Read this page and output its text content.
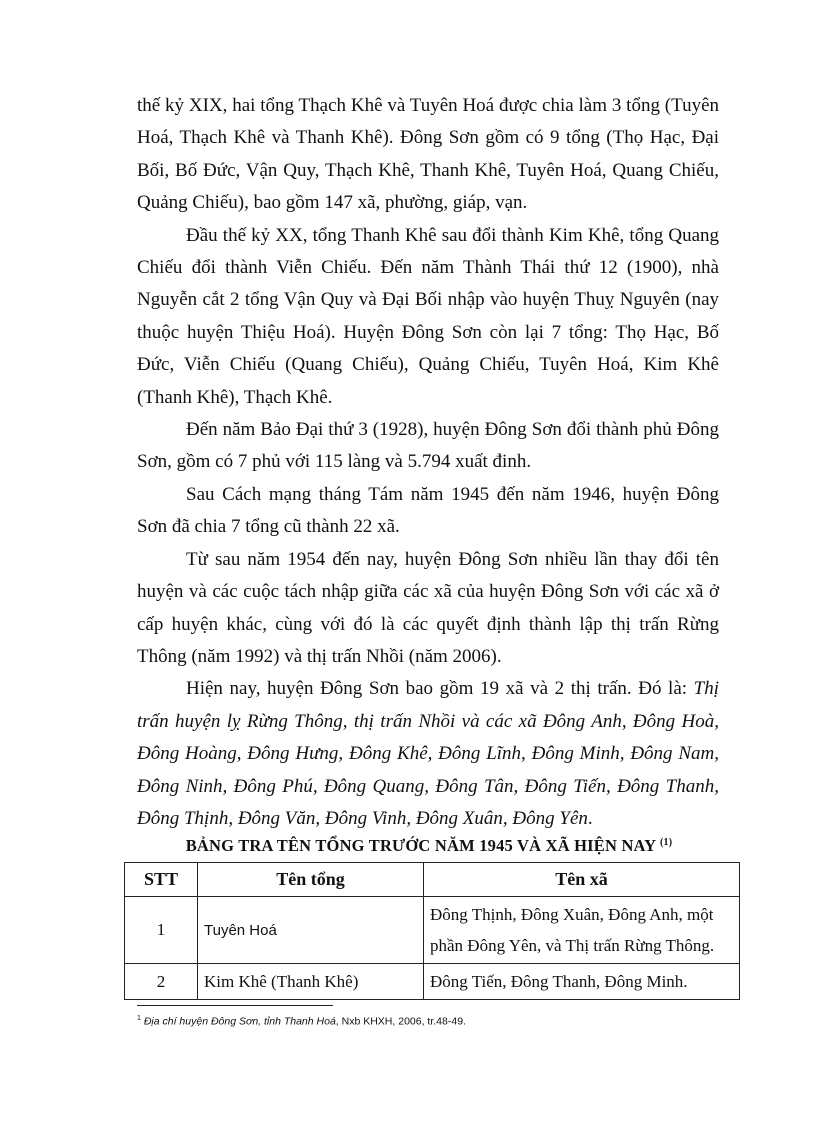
thế kỷ XIX, hai tổng Thạch Khê và Tuyên Hoá được chia làm 3 tổng (Tuyên Hoá, Thạch Khê và Thanh Khê). Đông Sơn gồm có 9 tổng (Thọ Hạc, Đại Bối, Bố Đức, Vận Quy, Thạch Khê, Thanh Khê, Tuyên Hoá, Quang Chiếu, Quảng Chiếu), bao gồm 147 xã, phường, giáp, vạn.

Đầu thế kỷ XX, tổng Thanh Khê sau đổi thành Kim Khê, tổng Quang Chiếu đổi thành Viễn Chiếu. Đến năm Thành Thái thứ 12 (1900), nhà Nguyễn cắt 2 tổng Vận Quy và Đại Bối nhập vào huyện Thuỵ Nguyên (nay thuộc huyện Thiệu Hoá). Huyện Đông Sơn còn lại 7 tổng: Thọ Hạc, Bố Đức, Viễn Chiếu (Quang Chiếu), Quảng Chiếu, Tuyên Hoá, Kim Khê (Thanh Khê), Thạch Khê.

Đến năm Bảo Đại thứ 3 (1928), huyện Đông Sơn đổi thành phủ Đông Sơn, gồm có 7 phủ với 115 làng và 5.794 xuất đinh.

Sau Cách mạng tháng Tám năm 1945 đến năm 1946, huyện Đông Sơn đã chia 7 tổng cũ thành 22 xã.

Từ sau năm 1954 đến nay, huyện Đông Sơn nhiều lần thay đổi tên huyện và các cuộc tách nhập giữa các xã của huyện Đông Sơn với các xã ở cấp huyện khác, cùng với đó là các quyết định thành lập thị trấn Rừng Thông (năm 1992) và thị trấn Nhồi (năm 2006).

Hiện nay, huyện Đông Sơn bao gồm 19 xã và 2 thị trấn. Đó là: Thị trấn huyện lỵ Rừng Thông, thị trấn Nhồi và các xã Đông Anh, Đông Hoà, Đông Hoàng, Đông Hưng, Đông Khê, Đông Lĩnh, Đông Minh, Đông Nam, Đông Ninh, Đông Phú, Đông Quang, Đông Tân, Đông Tiến, Đông Thanh, Đông Thịnh, Đông Văn, Đông Vinh, Đông Xuân, Đông Yên.

BẢNG TRA TÊN TỔNG TRƯỚC NĂM 1945 VÀ XÃ HIỆN NAY $^{(1)}$
STT	Tên tổng	Tên xã
1	Tuyên Hoá	Đông Thịnh, Đông Xuân, Đông Anh, một phần Đông Yên, và Thị trấn Rừng Thông.
2	Kim Khê (Thanh Khê)	Đông Tiến, Đông Thanh, Đông Minh.
$^1$ Địa chí huyện Đông Sơn, tỉnh Thanh Hoá, Nxb KHXH, 2006, tr.48-49.
